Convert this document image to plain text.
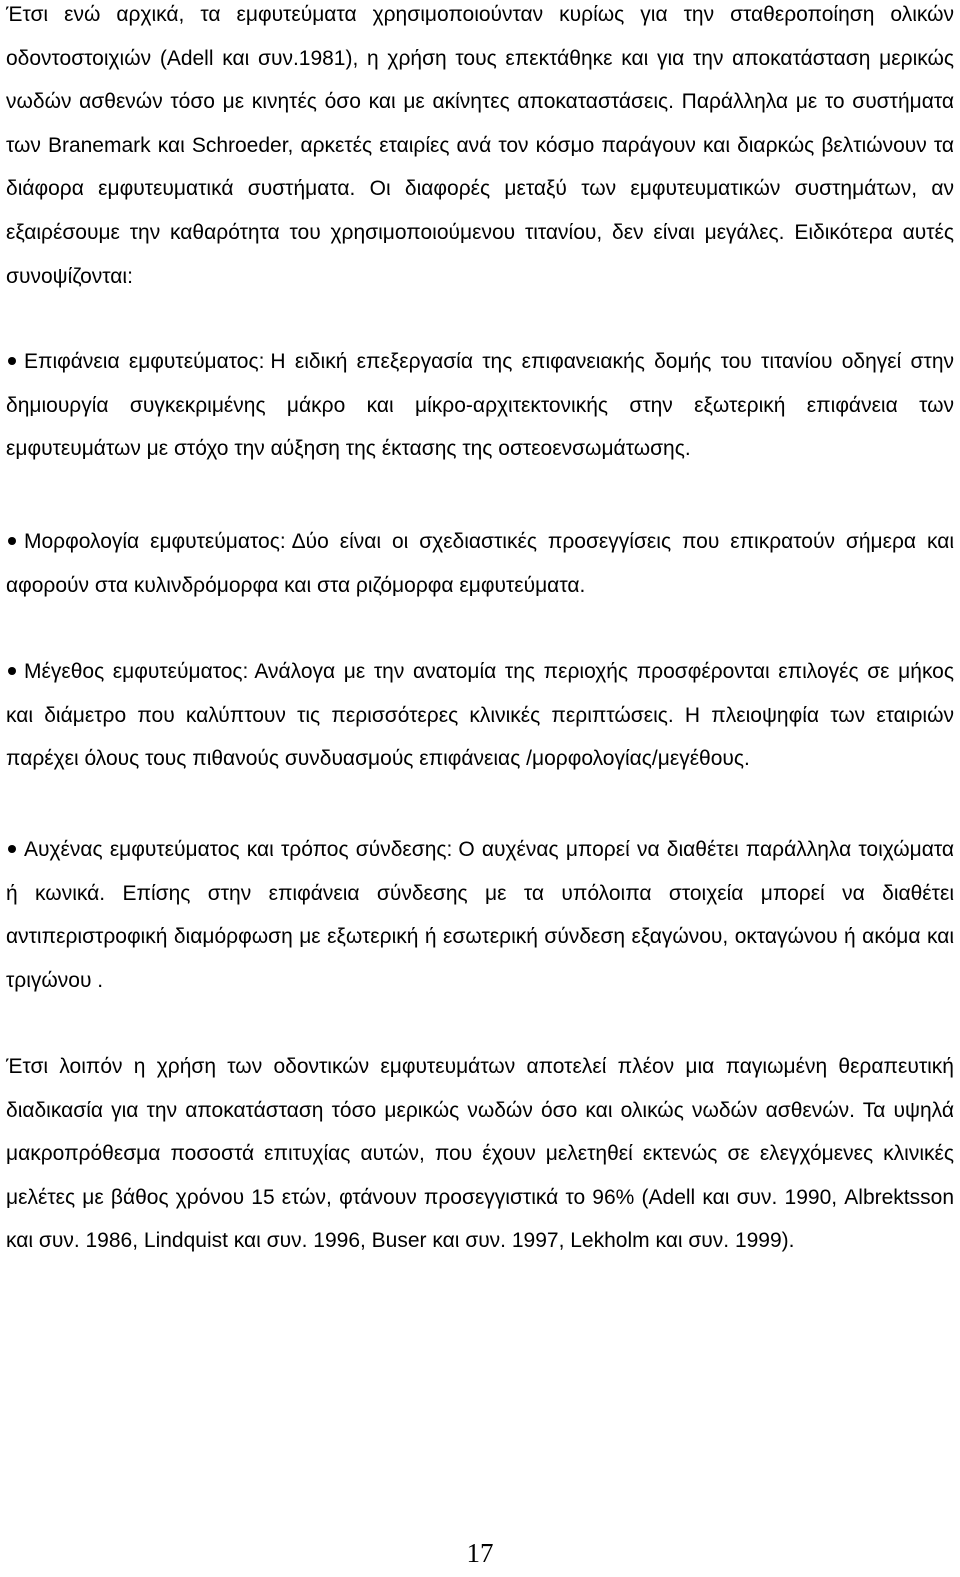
Έτσι ενώ αρχικά, τα εμφυτεύματα χρησιμοποιούνταν κυρίως για την σταθεροποίηση ολικών οδοντοστοιχιών (Adell και συν.1981), η χρήση τους επεκτάθηκε και για την αποκατάσταση μερικώς νωδών ασθενών τόσο με κινητές όσο και με ακίνητες αποκαταστάσεις. Παράλληλα με το συστήματα των Branemark και Schroeder, αρκετές εταιρίες ανά τον κόσμο παράγουν και διαρκώς βελτιώνουν τα διάφορα εμφυτευματικά συστήματα. Οι διαφορές μεταξύ των εμφυτευματικών συστημάτων, αν εξαιρέσουμε την καθαρότητα του χρησιμοποιούμενου τιτανίου, δεν είναι μεγάλες. Ειδικότερα αυτές συνοψίζονται:

Επιφάνεια εμφυτεύματος: Η ειδική επεξεργασία της επιφανειακής δομής του τιτανίου οδηγεί στην δημιουργία συγκεκριμένης μάκρο και μίκρο-αρχιτεκτονικής στην εξωτερική επιφάνεια των εμφυτευμάτων με στόχο την αύξηση της έκτασης της οστεοενσωμάτωσης.

Μορφολογία εμφυτεύματος: Δύο είναι οι σχεδιαστικές προσεγγίσεις που επικρατούν σήμερα και αφορούν στα κυλινδρόμορφα και στα ριζόμορφα εμφυτεύματα.

Μέγεθος εμφυτεύματος: Ανάλογα με την ανατομία της περιοχής προσφέρονται επιλογές σε μήκος και διάμετρο που καλύπτουν τις περισσότερες κλινικές περιπτώσεις. Η πλειοψηφία των εταιριών παρέχει όλους τους πιθανούς συνδυασμούς επιφάνειας /μορφολογίας/μεγέθους.

Αυχένας εμφυτεύματος και τρόπος σύνδεσης: Ο αυχένας μπορεί να διαθέτει παράλληλα τοιχώματα ή κωνικά. Επίσης στην επιφάνεια σύνδεσης με τα υπόλοιπα στοιχεία μπορεί να διαθέτει αντιπεριστροφική διαμόρφωση με εξωτερική ή εσωτερική σύνδεση εξαγώνου, οκταγώνου ή ακόμα και τριγώνου .

Έτσι λοιπόν η χρήση των οδοντικών εμφυτευμάτων αποτελεί πλέον μια παγιωμένη θεραπευτική διαδικασία για την αποκατάσταση τόσο μερικώς νωδών όσο και ολικώς νωδών ασθενών. Τα υψηλά μακροπρόθεσμα ποσοστά επιτυχίας αυτών, που έχουν μελετηθεί εκτενώς σε ελεγχόμενες κλινικές μελέτες με βάθος χρόνου 15 ετών, φτάνουν προσεγγιστικά το 96% (Adell και συν. 1990, Albrektsson και συν. 1986, Lindquist και συν. 1996, Buser και συν. 1997, Lekholm και συν. 1999).

17
